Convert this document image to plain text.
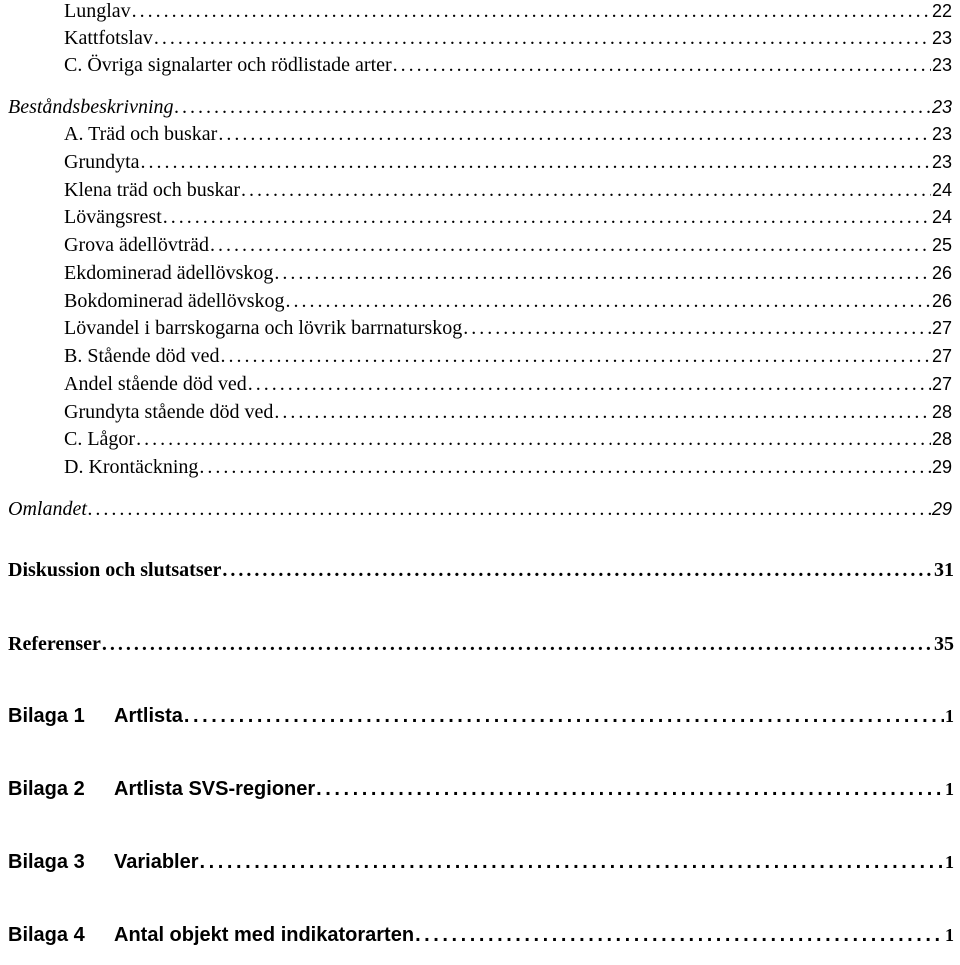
Lunglav . . .	22
Kattfotslav . . .	23
C. Övriga signalarter och rödlistade arter . . .	23
Beståndsbeskrivning . . .	23
A. Träd och buskar . . .	23
Grundyta . . .	23
Klena träd och buskar . . .	24
Lövängsrest . . .	24
Grova ädellövträd . . .	25
Ekdominerad ädellövskog . . .	26
Bokdominerad ädellövskog . . .	26
Lövandel i barrskogarna och lövrik barrnaturskog . . .	27
B. Stående död ved . . .	27
Andel stående död ved . . .	27
Grundyta stående död ved . . .	28
C. Lågor . . .	28
D. Krontäckning . . .	29
Omlandet . . .	29
Diskussion och slutsatser . . .	31
Referenser . . .	35
Bilaga 1 Artlista . . .	1
Bilaga 2 Artlista SVS-regioner . . .	1
Bilaga 3 Variabler . . .	1
Bilaga 4 Antal objekt med indikatorarten . . .	1
